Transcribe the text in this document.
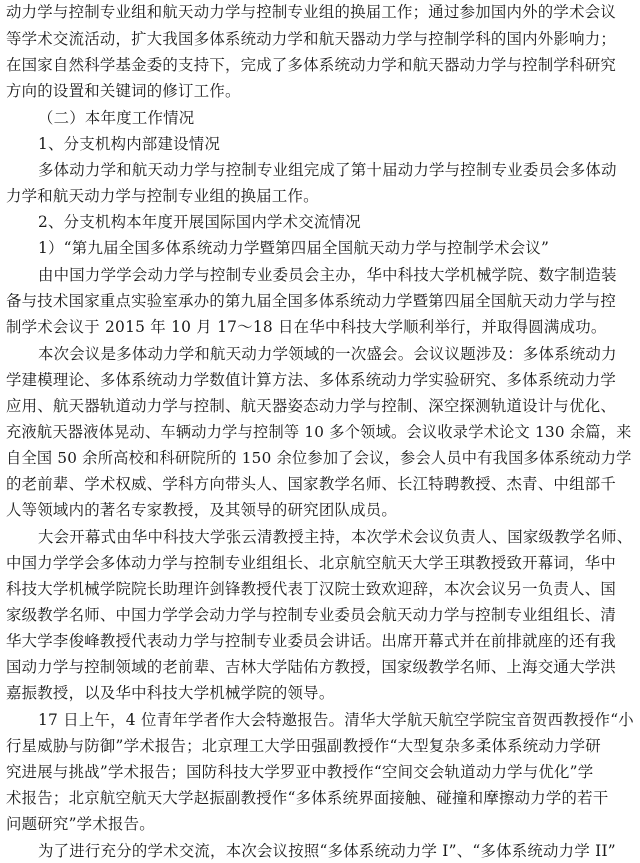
动力学与控制专业组和航天动力学与控制专业组的换届工作；通过参加国内外的学术会议
等学术交流活动，扩大我国多体系统动力学和航天器动力学与控制学科的国内外影响力；
在国家自然科学基金委的支持下，完成了多体系统动力学和航天器动力学与控制学科研究
方向的设置和关键词的修订工作。
（二）本年度工作情况
1、分支机构内部建设情况
多体动力学和航天动力学与控制专业组完成了第十届动力学与控制专业委员会多体动
力学和航天动力学与控制专业组的换届工作。
2、分支机构本年度开展国际国内学术交流情况
1）“第九届全国多体系统动力学暨第四届全国航天动力学与控制学术会议”
由中国力学学会动力学与控制专业委员会主办，华中科技大学机械学院、数字制造装
备与技术国家重点实验室承办的第九届全国多体系统动力学暨第四届全国航天动力学与控
制学术会议于 2015 年 10 月 17～18 日在华中科技大学顺利举行，并取得圆满成功。
本次会议是多体动力学和航天动力学领域的一次盛会。会议议题涉及：多体系统动力
学建模理论、多体系统动力学数值计算方法、多体系统动力学实验研究、多体系统动力学
应用、航天器轨道动力学与控制、航天器姿态动力学与控制、深空探测轨道设计与优化、
充液航天器液体晃动、车辆动力学与控制等 10 多个领域。会议收录学术论文 130 余篇，来
自全国 50 余所高校和科研院所的 150 余位参加了会议，参会人员中有我国多体系统动力学
的老前辈、学术权威、学科方向带头人、国家教学名师、长江特聘教授、杰青、中组部千
人等领域内的著名专家教授，及其领导的研究团队成员。
大会开幕式由华中科技大学张云清教授主持，本次学术会议负责人、国家级教学名师、
中国力学学会多体动力学与控制专业组组长、北京航空航天大学王琪教授致开幕词，华中
科技大学机械学院院长助理许剑锋教授代表丁汉院士致欢迎辞，本次会议另一负责人、国
家级教学名师、中国力学学会动力学与控制专业委员会航天动力学与控制专业组组长、清
华大学李俊峰教授代表动力学与控制专业委员会讲话。出席开幕式并在前排就座的还有我
国动力学与控制领域的老前辈、吉林大学陆佑方教授，国家级教学名师、上海交通大学洪
嘉振教授，以及华中科技大学机械学院的领导。
17 日上午，4 位青年学者作大会特邀报告。清华大学航天航空学院宝音贺西教授作“小
行星威胁与防御”学术报告；北京理工大学田强副教授作“大型复杂多柔体系统动力学研
究进展与挑战”学术报告；国防科技大学罗亚中教授作“空间交会轨道动力学与优化”学
术报告；北京航空航天大学赵振副教授作“多体系统界面接触、碰撞和摩擦动力学的若干
问题研究”学术报告。
为了进行充分的学术交流，本次会议按照“多体系统动力学 I”、“多体系统动力学 II”
